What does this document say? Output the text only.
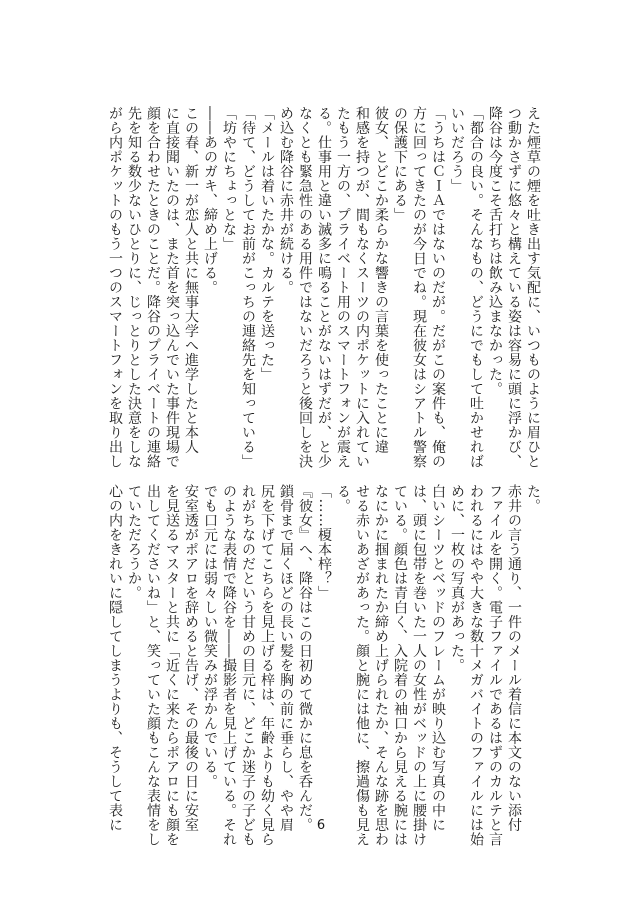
えた煙草の煙を吐き出す気配に、いつものように眉ひと
つ動かさずに悠々と構えている姿は容易に頭に浮かび、
降谷は今度こそ舌打ちは飲み込まなかった。
「都合の良い。そんなもの、どうにでもして吐かせれば
いいだろう」
「うちはＣＩＡではないのだが。だがこの案件も、俺の
方に回ってきたのが今日でね。現在彼女はシアトル警察
の保護下にある」
彼女、とどこか柔らかな響きの言葉を使ったことに違
和感を持つが、間もなくスーツの内ポケットに入れてい
たもう一方の、プライベート用のスマートフォンが震え
る。仕事用と違い滅多に鳴ることがないはずだが、と少
なくとも緊急性のある用件ではないだろうと後回しを決
め込む降谷に赤井が続ける。
「メールは着いたかな。カルテを送った」
「待て、どうしてお前がこっちの連絡先を知っている」
「坊やにちょっとな」
――あのガキ、締め上げる。
この春、新一が恋人と共に無事大学へ進学したと本人
に直接聞いたのは、また首を突っ込んでいた事件現場で
顔を合わせたときのことだ。降谷のプライベートの連絡
先を知る数少ないひとりに、じっとりとした決意をしな
がら内ポケットのもう一つのスマートフォンを取り出し
た。
赤井の言う通り、一件のメール着信に本文のない添付
ファイルを開く。電子ファイルであるはずのカルテと言
われるにはやや大きな数十メガバイトのファイルには始
めに、一枚の写真があった。
白いシーツとベッドのフレームが映り込む写真の中に
は、頭に包帯を巻いた一人の女性がベッドの上に腰掛け
ている。顔色は青白く、入院着の袖口から見える腕には
なにかに掴まれたか締め上げられたか、そんな跡を思わ
せる赤いあざがあった。顔と腕には他に、擦過傷も見え
る。
「……榎本梓？」
『彼女』へ、降谷はこの日初めて微かに息を呑んだ。
鎖骨まで届くほどの長い髪を胸の前に垂らし、やや眉
尻を下げてこちらを見上げる梓は、年齢よりも幼く見ら
れがちなのだという甘めの目元に、どこか迷子の子ども
のような表情で降谷を――撮影者を見上げている。それ
でも口元には弱々しい微笑みが浮かんでいる。
安室透がポアロを辞めると告げ、その最後の日に安室
を見送るマスターと共に「近くに来たらポアロにも顔を
出してくださいね」と、笑っていた顔もこんな表情をし
ていただろうか。
心の内をきれいに隠してしまうよりも、そうして表に	6
